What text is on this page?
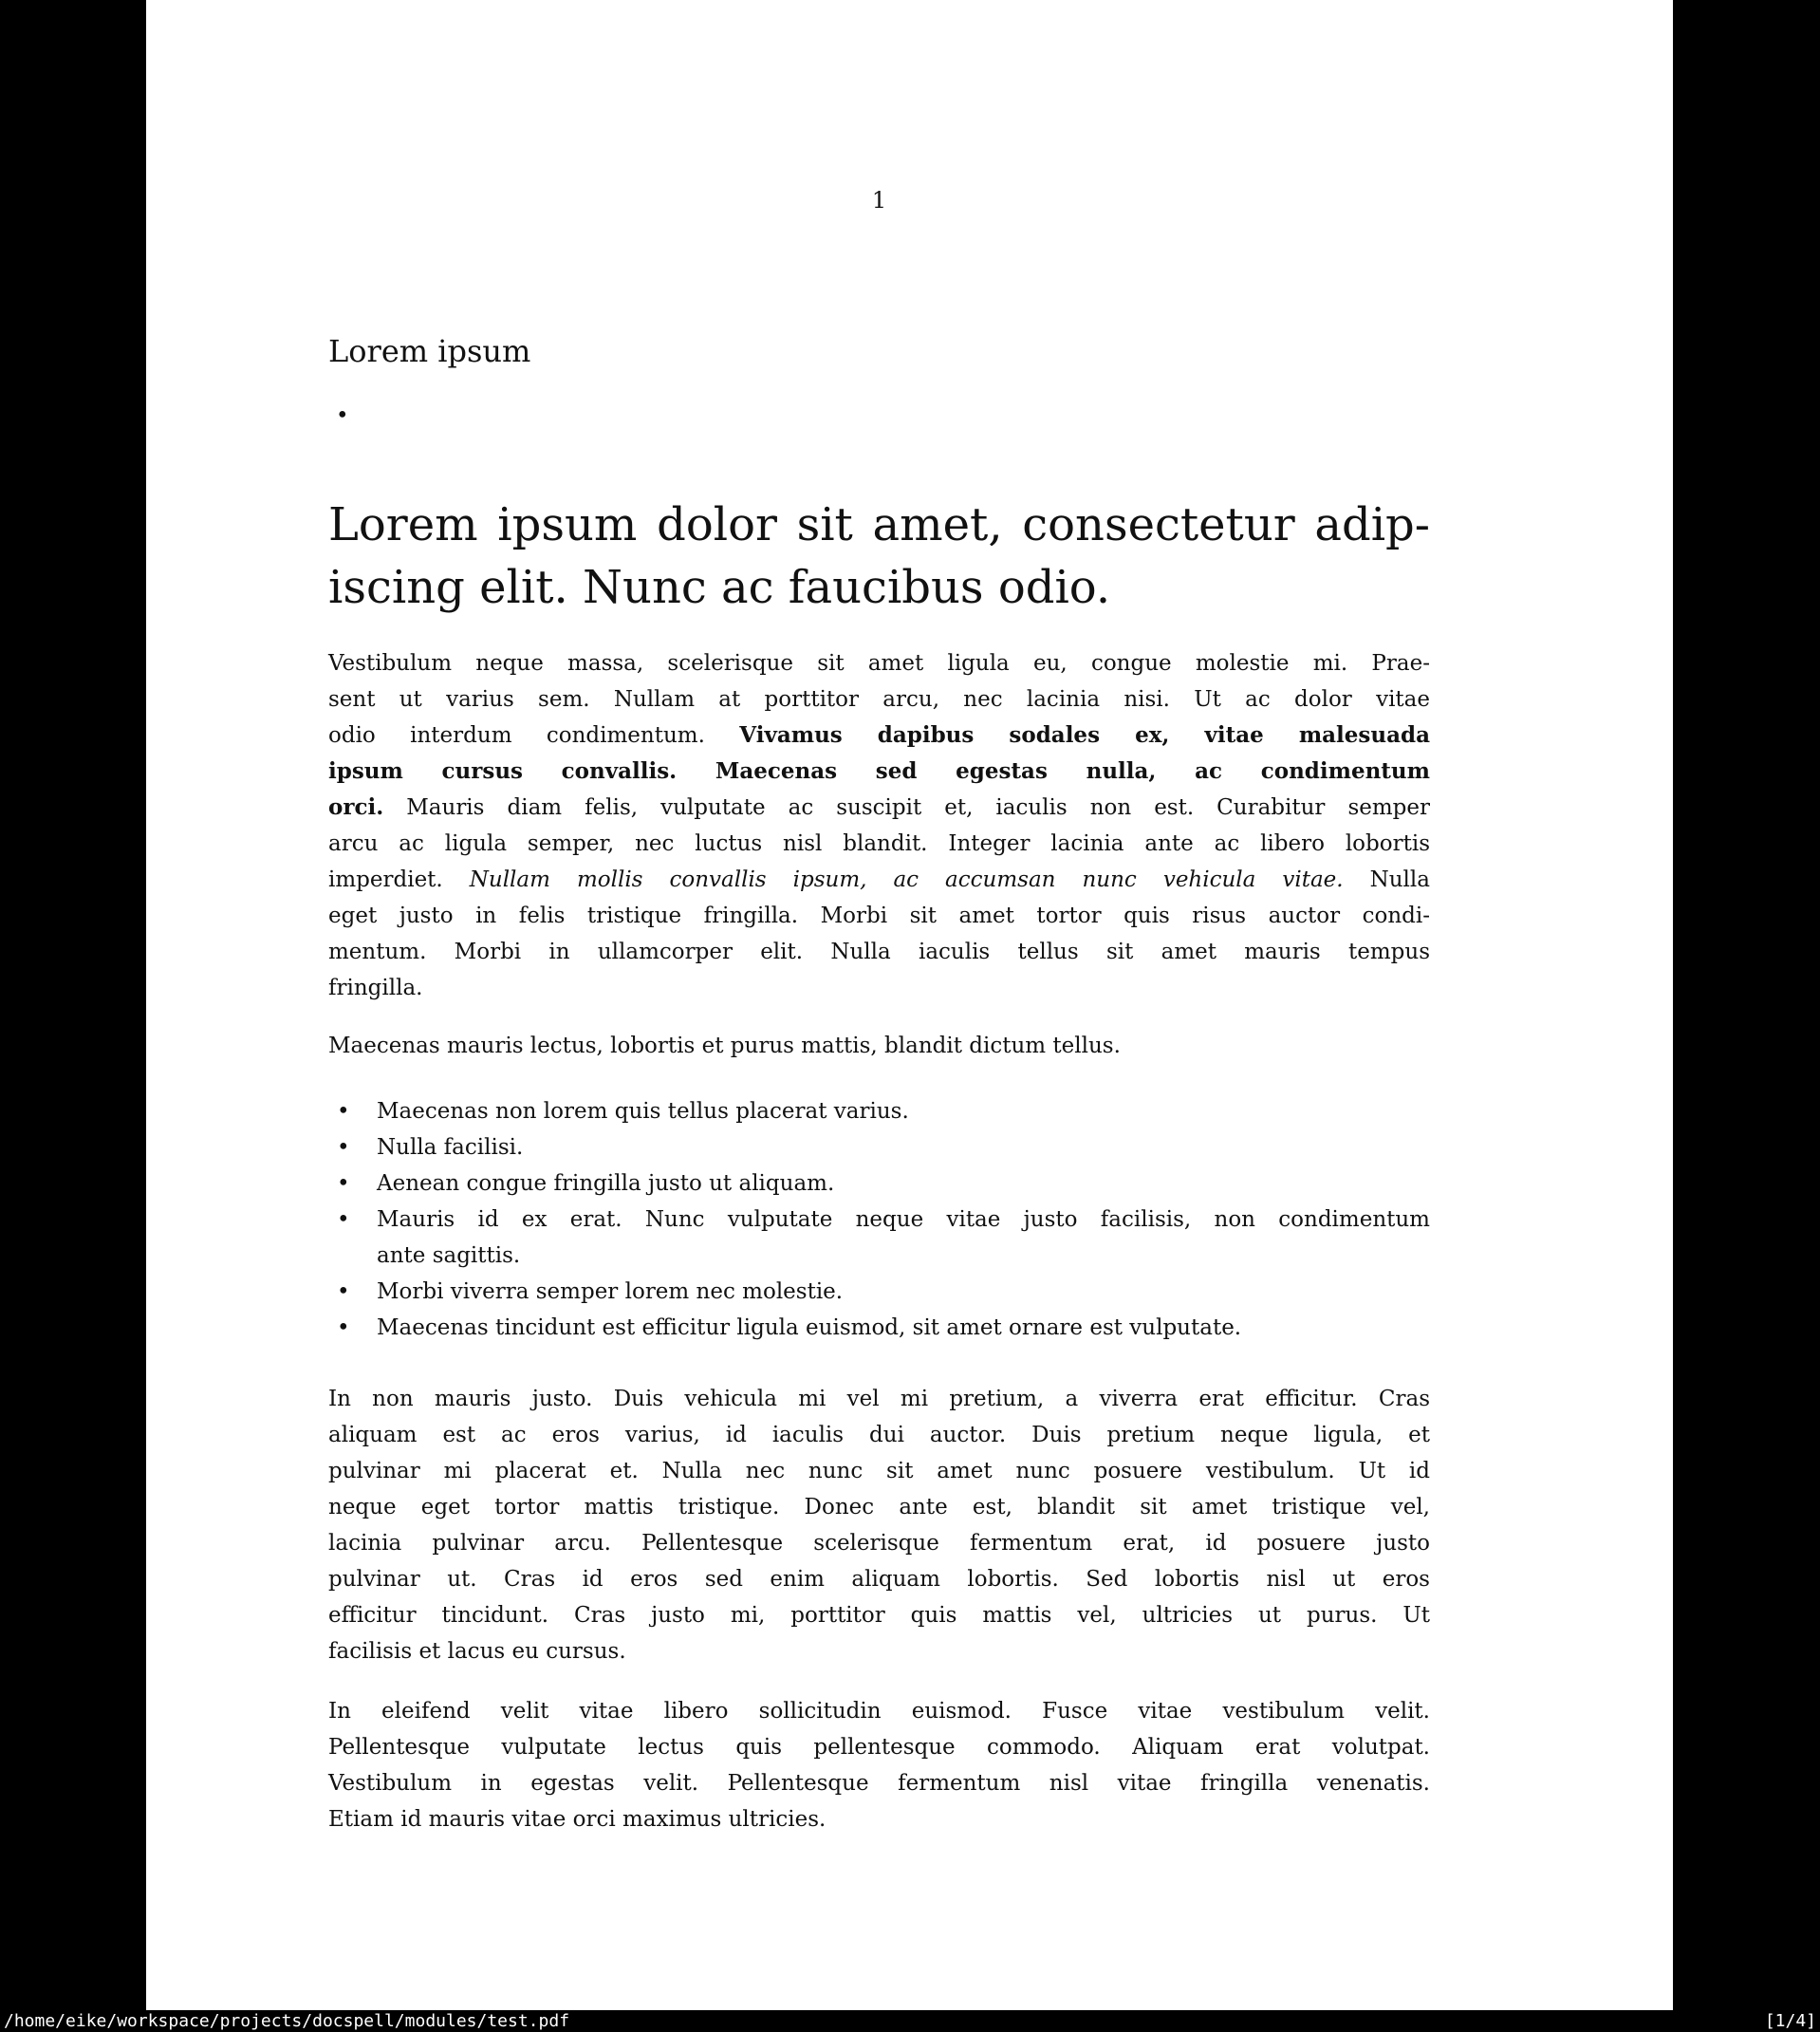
1
Lorem ipsum
•
Lorem ipsum dolor sit amet, consectetur adip-
iscing elit. Nunc ac faucibus odio.
Vestibulum neque massa, scelerisque sit amet ligula eu, congue molestie mi. Prae-
sent ut varius sem. Nullam at porttitor arcu, nec lacinia nisi. Ut ac dolor vitae
odio interdum condimentum. Vivamus dapibus sodales ex, vitae malesuada
ipsum cursus convallis. Maecenas sed egestas nulla, ac condimentum
orci. Mauris diam felis, vulputate ac suscipit et, iaculis non est. Curabitur semper
arcu ac ligula semper, nec luctus nisl blandit. Integer lacinia ante ac libero lobortis
imperdiet. Nullam mollis convallis ipsum, ac accumsan nunc vehicula vitae. Nulla
eget justo in felis tristique fringilla. Morbi sit amet tortor quis risus auctor condi-
mentum. Morbi in ullamcorper elit. Nulla iaculis tellus sit amet mauris tempus
fringilla.
Maecenas mauris lectus, lobortis et purus mattis, blandit dictum tellus.
• Maecenas non lorem quis tellus placerat varius.
• Nulla facilisi.
• Aenean congue fringilla justo ut aliquam.
• Mauris id ex erat. Nunc vulputate neque vitae justo facilisis, non condimentum
ante sagittis.
• Morbi viverra semper lorem nec molestie.
• Maecenas tincidunt est efficitur ligula euismod, sit amet ornare est vulputate.
In non mauris justo. Duis vehicula mi vel mi pretium, a viverra erat efficitur. Cras
aliquam est ac eros varius, id iaculis dui auctor. Duis pretium neque ligula, et
pulvinar mi placerat et. Nulla nec nunc sit amet nunc posuere vestibulum. Ut id
neque eget tortor mattis tristique. Donec ante est, blandit sit amet tristique vel,
lacinia pulvinar arcu. Pellentesque scelerisque fermentum erat, id posuere justo
pulvinar ut. Cras id eros sed enim aliquam lobortis. Sed lobortis nisl ut eros
efficitur tincidunt. Cras justo mi, porttitor quis mattis vel, ultricies ut purus. Ut
facilisis et lacus eu cursus.
In eleifend velit vitae libero sollicitudin euismod. Fusce vitae vestibulum velit.
Pellentesque vulputate lectus quis pellentesque commodo. Aliquam erat volutpat.
Vestibulum in egestas velit. Pellentesque fermentum nisl vitae fringilla venenatis.
Etiam id mauris vitae orci maximus ultricies.
/home/eike/workspace/projects/docspell/modules/test.pdf	[1/4]
